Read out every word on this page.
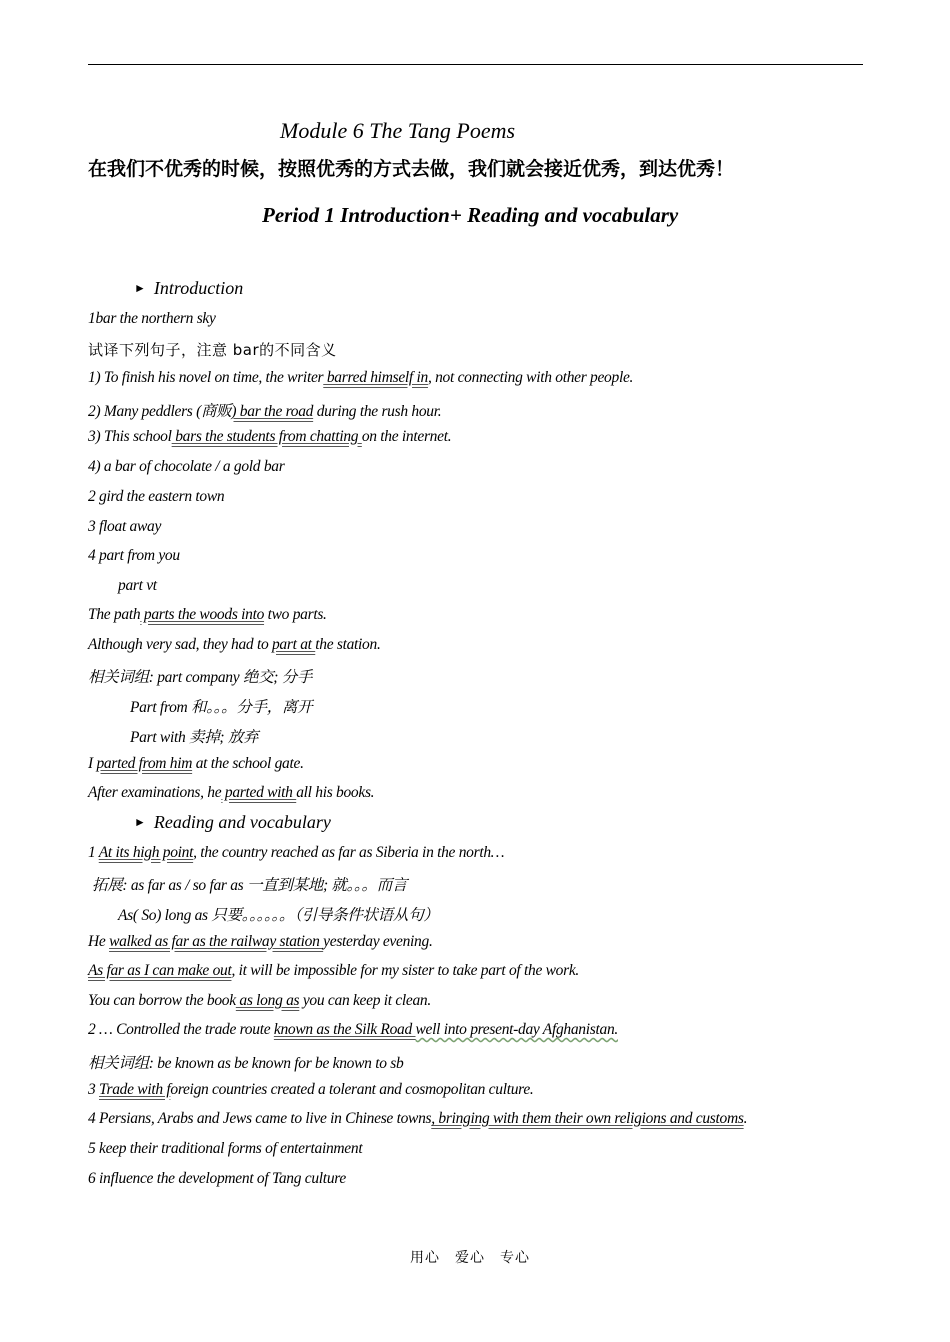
Module 6 The Tang Poems
在我们不优秀的时候，按照优秀的方式去做，我们就会接近优秀，到达优秀！
Period 1 Introduction+ Reading and vocabulary
► Introduction
1bar the northern sky
试译下列句子，注意 bar的不同含义
1) To finish his novel on time, the writer barred himself in, not connecting with other people.
2) Many peddlers (商贩) bar the road during the rush hour.
3) This school bars the students from chatting on the internet.
4) a bar of chocolate / a gold bar
2 gird the eastern town
3 float away
4 part from you
part vt
The path parts the woods into two parts.
Although very sad, they had to part at the station.
相关词组: part company 绝交; 分手
Part from 和。。。分手，离开
Part with 卖掉; 放弃
I parted from him at the school gate.
After examinations, he parted with all his books.
► Reading and vocabulary
1 At its high point, the country reached as far as Siberia in the north…
拓展: as far as / so far as 一直到某地; 就。。。而言
As( So) long as 只要。。。。。。（引导条件状语从句）
He walked as far as the railway station yesterday evening.
As far as I can make out, it will be impossible for my sister to take part of the work.
You can borrow the book as long as you can keep it clean.
2 … Controlled the trade route known as the Silk Road well into present-day Afghanistan.
相关词组: be known as be known for be known to sb
3 Trade with foreign countries created a tolerant and cosmopolitan culture.
4 Persians, Arabs and Jews came to live in Chinese towns, bringing with them their own religions and customs.
5 keep their traditional forms of entertainment
6 influence the development of Tang culture
用心　爱心　专心
